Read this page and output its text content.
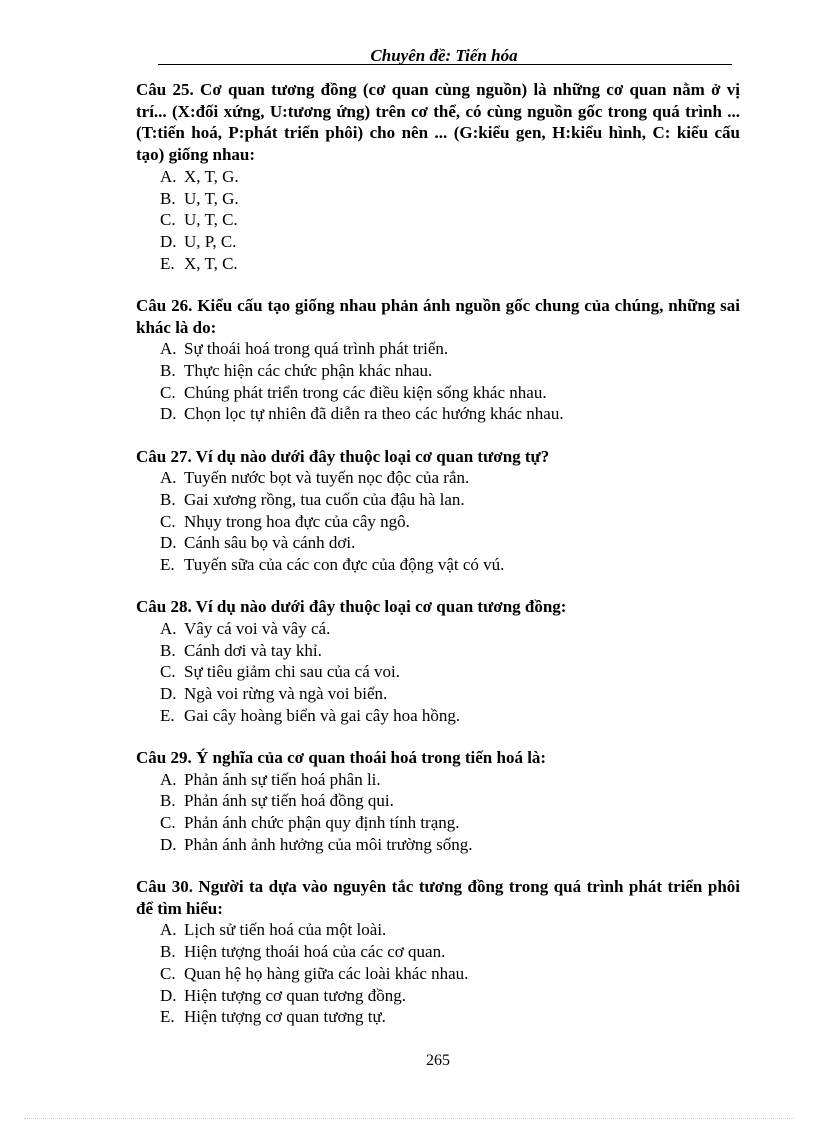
Chuyên đề: Tiến hóa
Câu 25. Cơ quan tương đồng (cơ quan cùng nguồn) là những cơ quan nằm ở vị trí... (X:đối xứng, U:tương ứng) trên cơ thể, có cùng nguồn gốc trong quá trình ...(T:tiến hoá, P:phát triển phôi) cho nên ... (G:kiểu gen, H:kiểu hình, C: kiểu cấu tạo) giống nhau:
A. X, T, G.
B. U, T, G.
C. U, T, C.
D. U, P, C.
E. X, T, C.
Câu 26. Kiểu cấu tạo giống nhau phản ánh nguồn gốc chung của chúng, những sai khác là do:
A. Sự thoái hoá trong quá trình phát triển.
B. Thực hiện các chức phận khác nhau.
C. Chúng phát triển trong các điều kiện sống khác nhau.
D. Chọn lọc tự nhiên đã diễn ra theo các hướng khác nhau.
Câu 27. Ví dụ nào dưới đây thuộc loại cơ quan tương tự?
A. Tuyến nước bọt và tuyến nọc độc của rắn.
B. Gai xương rồng, tua cuốn của đậu hà lan.
C. Nhụy trong hoa đực của cây ngô.
D. Cánh sâu bọ và cánh dơi.
E. Tuyến sữa của các con đực của động vật có vú.
Câu 28. Ví dụ nào dưới đây thuộc loại cơ quan tương đồng:
A. Vây cá voi và vây cá.
B. Cánh dơi và tay khỉ.
C. Sự tiêu giảm chi sau của cá voi.
D. Ngà voi rừng và ngà voi biển.
E. Gai cây hoàng biển và gai cây hoa hồng.
Câu 29. Ý nghĩa của cơ quan thoái hoá trong tiến hoá là:
A. Phản ánh sự tiến hoá phân li.
B. Phản ánh sự tiến hoá đồng qui.
C. Phản ánh chức phận quy định tính trạng.
D. Phản ánh ảnh hưởng của môi trường sống.
Câu 30. Người ta dựa vào nguyên tắc tương đồng trong quá trình phát triển phôi để tìm hiểu:
A. Lịch sử tiến hoá của một loài.
B. Hiện tượng thoái hoá của các cơ quan.
C. Quan hệ họ hàng giữa các loài khác nhau.
D. Hiện tượng cơ quan tương đồng.
E. Hiện tượng cơ quan tương tự.
265
